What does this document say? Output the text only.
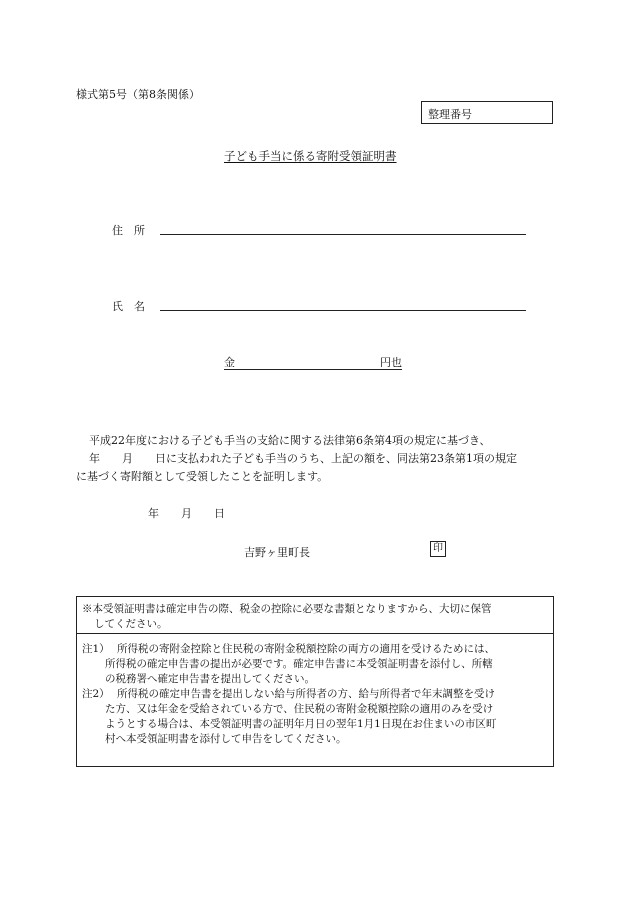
様式第5号（第8条関係）
整理番号
子ども手当に係る寄附受領証明書
住　所
氏　名
金	円也
平成22年度における子ども手当の支給に関する法律第6条第4項の規定に基づき、
年　　月　　日に支払われた子ども手当のうち、上記の額を、同法第23条第1項の規定
に基づく寄附額として受領したことを証明します。
年　　月　　日
吉野ヶ里町長	印
※本受領証明書は確定申告の際、税金の控除に必要な書類となりますから、大切に保管
してください。
注1） 所得税の寄附金控除と住民税の寄附金税額控除の両方の適用を受けるためには、
所得税の確定申告書の提出が必要です。確定申告書に本受領証明書を添付し、所轄
の税務署へ確定申告書を提出してください。
注2） 所得税の確定申告書を提出しない給与所得者の方、給与所得者で年末調整を受け
た方、又は年金を受給されている方で、住民税の寄附金税額控除の適用のみを受け
ようとする場合は、本受領証明書の証明年月日の翌年1月1日現在お住まいの市区町
村へ本受領証明書を添付して申告をしてください。
